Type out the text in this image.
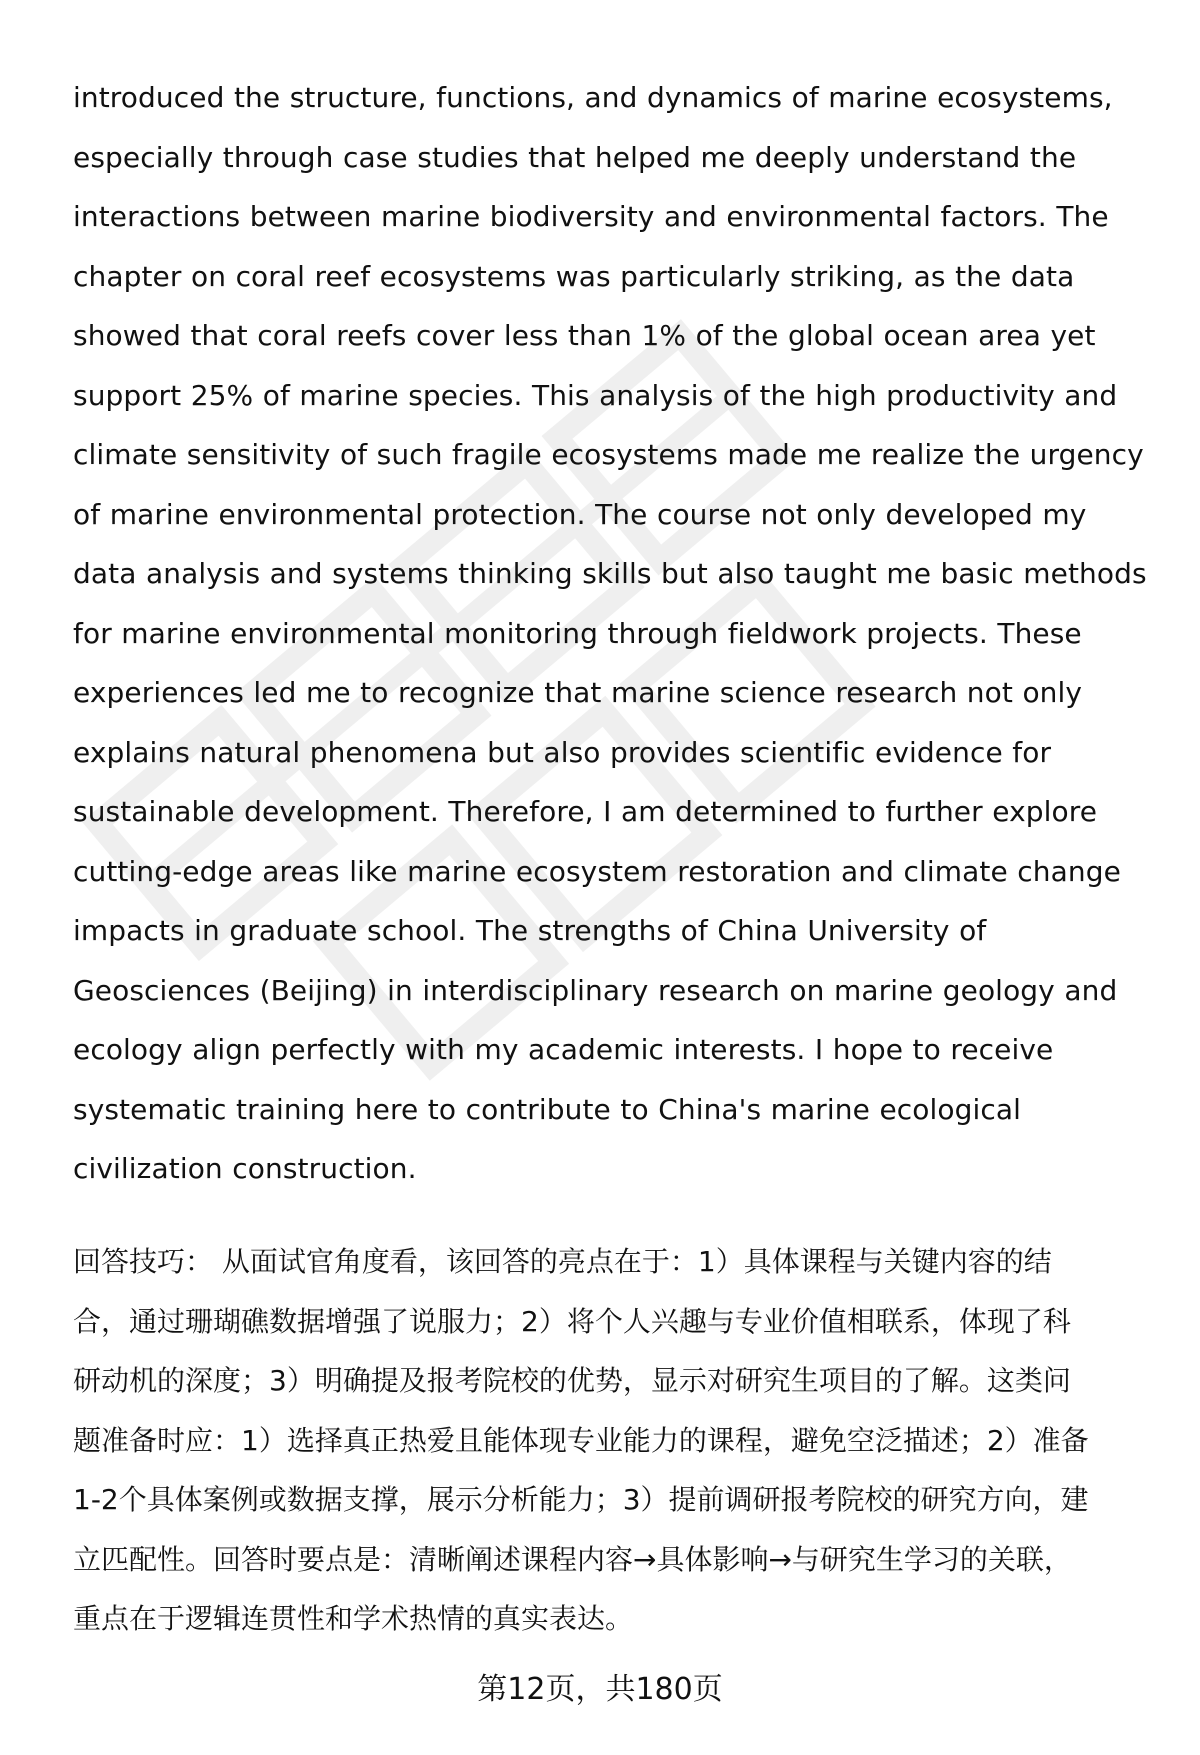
introduced the structure, functions, and dynamics of marine ecosystems,
especially through case studies that helped me deeply understand the
interactions between marine biodiversity and environmental factors. The
chapter on coral reef ecosystems was particularly striking, as the data
showed that coral reefs cover less than 1% of the global ocean area yet
support 25% of marine species. This analysis of the high productivity and
climate sensitivity of such fragile ecosystems made me realize the urgency
of marine environmental protection. The course not only developed my
data analysis and systems thinking skills but also taught me basic methods
for marine environmental monitoring through fieldwork projects. These
experiences led me to recognize that marine science research not only
explains natural phenomena but also provides scientific evidence for
sustainable development. Therefore, I am determined to further explore
cutting-edge areas like marine ecosystem restoration and climate change
impacts in graduate school. The strengths of China University of
Geosciences (Beijing) in interdisciplinary research on marine geology and
ecology align perfectly with my academic interests. I hope to receive
systematic training here to contribute to China's marine ecological
civilization construction.
回答技巧： 从面试官角度看，该回答的亮点在于：1）具体课程与关键内容的结
合，通过珊瑚礁数据增强了说服力；2）将个人兴趣与专业价值相联系，体现了科
研动机的深度；3）明确提及报考院校的优势，显示对研究生项目的了解。这类问
题准备时应：1）选择真正热爱且能体现专业能力的课程，避免空泛描述；2）准备
1-2个具体案例或数据支撑，展示分析能力；3）提前调研报考院校的研究方向，建
立匹配性。回答时要点是：清晰阐述课程内容→具体影响→与研究生学习的关联，
重点在于逻辑连贯性和学术热情的真实表达。
第12页，共180页
